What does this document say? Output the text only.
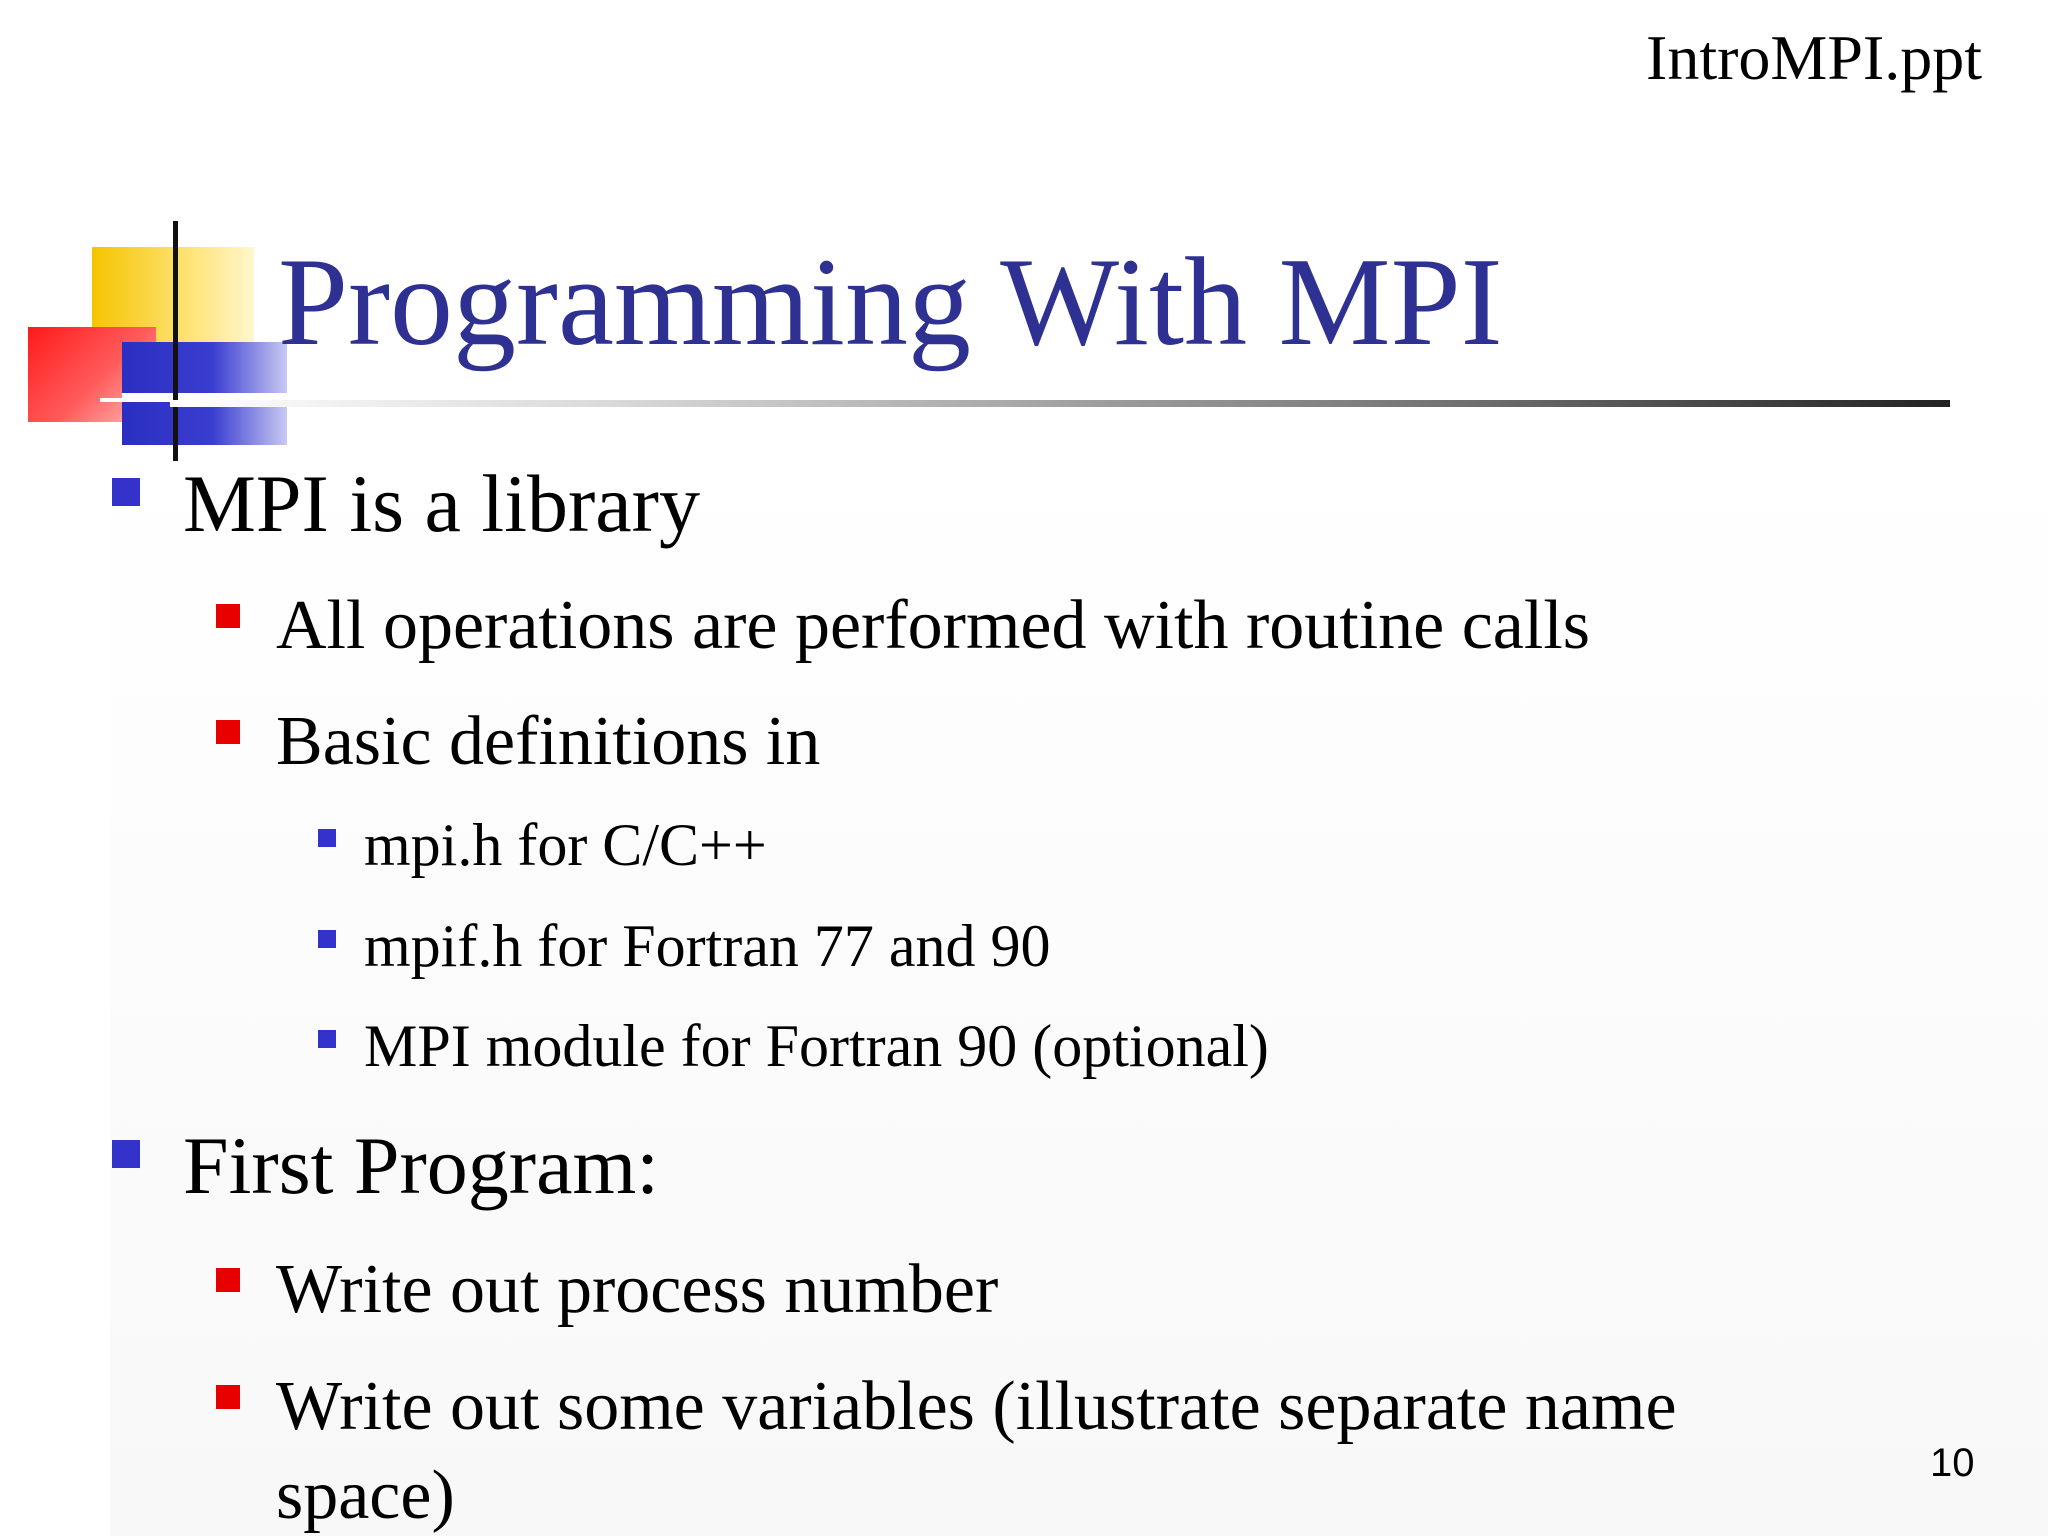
IntroMPI.ppt
Programming With MPI
MPI is a library
All operations are performed with routine calls
Basic definitions in
mpi.h for C/C++
mpif.h for Fortran 77 and 90
MPI module for Fortran 90 (optional)
First Program:
Write out process number
Write out some variables (illustrate separate name
space)	10
